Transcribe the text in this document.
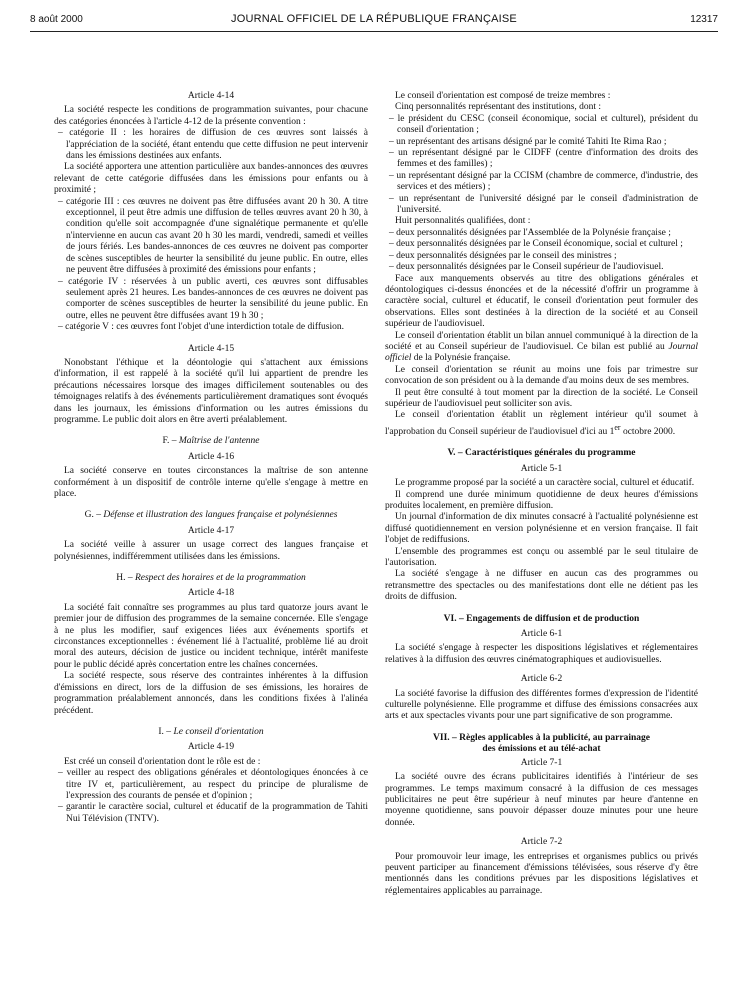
8 août 2000	JOURNAL OFFICIEL DE LA RÉPUBLIQUE FRANÇAISE	12317
Article 4-14

La société respecte les conditions de programmation suivantes, pour chacune des catégories énoncées à l'article 4-12 de la présente convention :

– catégorie II : les horaires de diffusion de ces œuvres sont laissés à l'appréciation de la société, étant entendu que cette diffusion ne peut intervenir dans les émissions destinées aux enfants.

La société apportera une attention particulière aux bandes-annonces des œuvres relevant de cette catégorie diffusées dans les émissions pour enfants ou à proximité ;

– catégorie III : ces œuvres ne doivent pas être diffusées avant 20 h 30. A titre exceptionnel, il peut être admis une diffusion de telles œuvres avant 20 h 30, à condition qu'elle soit accompagnée d'une signalétique permanente et qu'elle n'intervienne en aucun cas avant 20 h 30 les mardi, vendredi, samedi et veilles de jours fériés. Les bandes-annonces de ces œuvres ne doivent pas comporter de scènes susceptibles de heurter la sensibilité du jeune public. En outre, elles ne peuvent être diffusées à proximité des émissions pour enfants ;
– catégorie IV : réservées à un public averti, ces œuvres sont diffusables seulement après 21 heures. Les bandes-annonces de ces œuvres ne doivent pas comporter de scènes susceptibles de heurter la sensibilité du jeune public. En outre, elles ne peuvent être diffusées avant 19 h 30 ;
– catégorie V : ces œuvres font l'objet d'une interdiction totale de diffusion.
Article 4-15

Nonobstant l'éthique et la déontologie qui s'attachent aux émissions d'information, il est rappelé à la société qu'il lui appartient de prendre les précautions nécessaires lorsque des images difficilement soutenables ou des témoignages relatifs à des événements particulièrement dramatiques sont évoqués dans les journaux, les émissions d'information ou les autres émissions du programme. Le public doit alors en être averti préalablement.

F. – Maîtrise de l'antenne
Article 4-16

La société conserve en toutes circonstances la maîtrise de son antenne conformément à un dispositif de contrôle interne qu'elle s'engage à mettre en place.

G. – Défense et illustration des langues française et polynésiennes
Article 4-17

La société veille à assurer un usage correct des langues française et polynésiennes, indifféremment utilisées dans les émissions.

H. – Respect des horaires et de la programmation
Article 4-18

La société fait connaître ses programmes au plus tard quatorze jours avant le premier jour de diffusion des programmes de la semaine concernée. Elle s'engage à ne plus les modifier, sauf exigences liées aux événements sportifs et circonstances exceptionnelles : événement lié à l'actualité, problème lié au droit moral des auteurs, décision de justice ou incident technique, intérêt manifeste pour le public décidé après concertation entre les chaînes concernées.

La société respecte, sous réserve des contraintes inhérentes à la diffusion d'émissions en direct, lors de la diffusion de ses émissions, les horaires de programmation préalablement annoncés, dans les conditions fixées à l'alinéa précédent.

I. – Le conseil d'orientation
Article 4-19

Est créé un conseil d'orientation dont le rôle est de :

– veiller au respect des obligations générales et déontologiques énoncées à ce titre IV et, particulièrement, au respect du principe de pluralisme de l'expression des courants de pensée et d'opinion ;
– garantir le caractère social, culturel et éducatif de la programmation de Tahiti Nui Télévision (TNTV).

Le conseil d'orientation est composé de treize membres :

Cinq personnalités représentant des institutions, dont :

– le président du CESC (conseil économique, social et culturel), président du conseil d'orientation ;
– un représentant des artisans désigné par le comité Tahiti Ite Rima Rao ;
– un représentant désigné par le CIDFF (centre d'information des droits des femmes et des familles) ;
– un représentant désigné par la CCISM (chambre de commerce, d'industrie, des services et des métiers) ;
– un représentant de l'université désigné par le conseil d'administration de l'université.

Huit personnalités qualifiées, dont :

– deux personnalités désignées par l'Assemblée de la Polynésie française ;
– deux personnalités désignées par le Conseil économique, social et culturel ;
– deux personnalités désignées par le conseil des ministres ;
– deux personnalités désignées par le Conseil supérieur de l'audiovisuel.

Face aux manquements observés au titre des obligations générales et déontologiques ci-dessus énoncées et de la nécessité d'offrir un programme à caractère social, culturel et éducatif, le conseil d'orientation peut formuler des observations. Elles sont destinées à la direction de la société et au Conseil supérieur de l'audiovisuel.

Le conseil d'orientation établit un bilan annuel communiqué à la direction de la société et au Conseil supérieur de l'audiovisuel. Ce bilan est publié au Journal officiel de la Polynésie française.

Le conseil d'orientation se réunit au moins une fois par trimestre sur convocation de son président ou à la demande d'au moins deux de ses membres.

Il peut être consulté à tout moment par la direction de la société. Le Conseil supérieur de l'audiovisuel peut solliciter son avis.

Le conseil d'orientation établit un règlement intérieur qu'il soumet à l'approbation du Conseil supérieur de l'audiovisuel d'ici au 1er octobre 2000.

V. – Caractéristiques générales du programme
Article 5-1

Le programme proposé par la société a un caractère social, culturel et éducatif.

Il comprend une durée minimum quotidienne de deux heures d'émissions produites localement, en première diffusion.

Un journal d'information de dix minutes consacré à l'actualité polynésienne est diffusé quotidiennement en version polynésienne et en version française. Il fait l'objet de rediffusions.

L'ensemble des programmes est conçu ou assemblé par le seul titulaire de l'autorisation.

La société s'engage à ne diffuser en aucun cas des programmes ou retransmettre des spectacles ou des manifestations dont elle ne détient pas les droits de diffusion.

VI. – Engagements de diffusion et de production
Article 6-1

La société s'engage à respecter les dispositions législatives et réglementaires relatives à la diffusion des œuvres cinématographiques et audiovisuelles.

Article 6-2

La société favorise la diffusion des différentes formes d'expression de l'identité culturelle polynésienne. Elle programme et diffuse des émissions consacrées aux arts et aux spectacles vivants pour une part significative de son programme.

VII. – Règles applicables à la publicité, au parrainage
des émissions et au télé-achat
Article 7-1

La société ouvre des écrans publicitaires identifiés à l'intérieur de ses programmes. Le temps maximum consacré à la diffusion de ces messages publicitaires ne peut être supérieur à neuf minutes par heure d'antenne en moyenne quotidienne, sans pouvoir dépasser douze minutes pour une heure donnée.

Article 7-2

Pour promouvoir leur image, les entreprises et organismes publics ou privés peuvent participer au financement d'émissions télévisées, sous réserve d'y être mentionnés dans les conditions prévues par les dispositions législatives et réglementaires applicables au parrainage.
